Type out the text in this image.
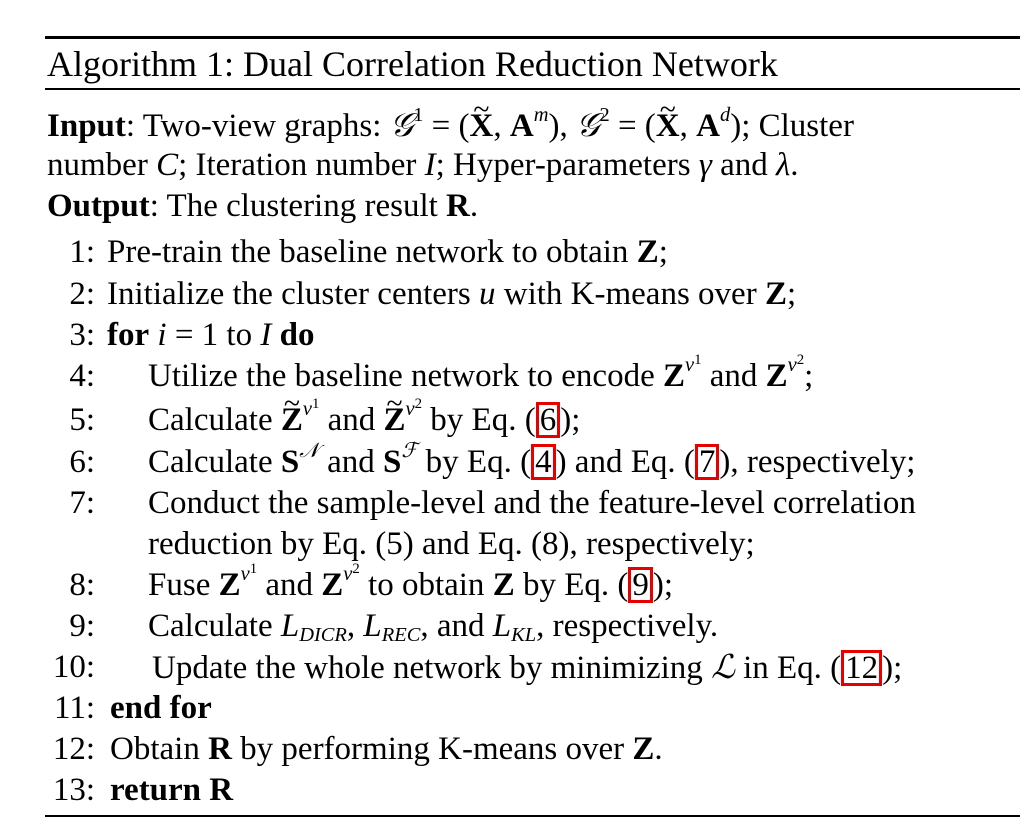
Algorithm 1: Dual Correlation Reduction Network
Input: Two-view graphs: 𝒢$^1$ = (~ X, $A^m$), 𝒢$^2$ = (~ X, $A^d$); Cluster
number C; Iteration number I; Hyper-parameters γ and λ.
Output: The clustering result R.
1: Pre-train the baseline network to obtain Z;
2: Initialize the cluster centers u with K-means over Z;
3: for i = 1 to I do
4: Utilize the baseline network to encode $Z^{v1}$ and $Z^{v2}$;
5: Calculate ~ $Z^{v1}$ and ~ $Z^{v2}$ by Eq. ( 6 );
6: Calculate $S^𝒩$ and $S^ℱ$ by Eq. ( 4 ) and Eq. ( 7 ), respectively;
7: Conduct the sample-level and the feature-level correlation
reduction by Eq. (5) and Eq. (8), respectively;
8: Fuse $Z^{v1}$ and $Z^{v2}$ to obtain Z by Eq. ( 9 );
9: Calculate $L_{DICR}$, $L_{REC}$, and $L_{KL}$, respectively.
10: Update the whole network by minimizing ℒ in Eq. ( 12 );
11: end for
12: Obtain R by performing K-means over Z.
13: return R
